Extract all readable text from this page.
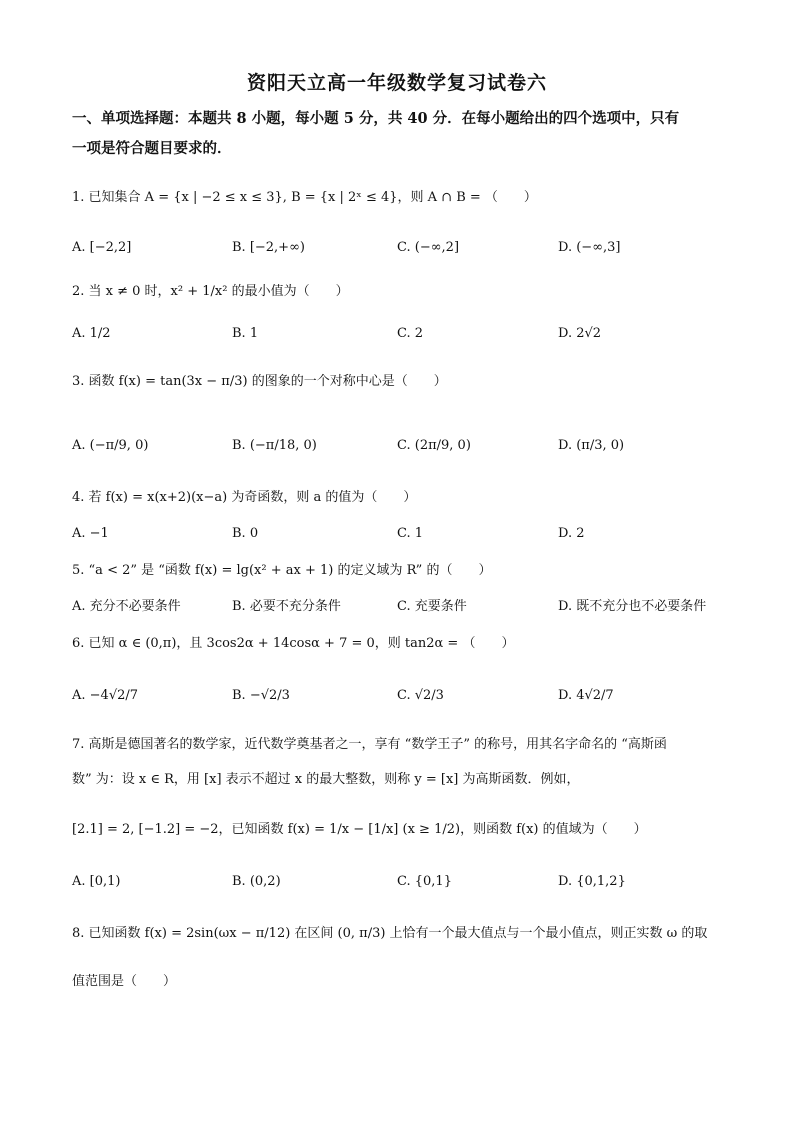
资阳天立高一年级数学复习试卷六
一、单项选择题：本题共 8 小题，每小题 5 分，共 40 分．在每小题给出的四个选项中，只有
一项是符合题目要求的．
1. 已知集合 A = {x | −2 ≤ x ≤ 3}, B = {x | 2ˣ ≤ 4}，则 A ∩ B = （　　）
A. [−2,2]	B. [−2,+∞)	C. (−∞,2]	D. (−∞,3]
2. 当 x ≠ 0 时，x² + 1/x² 的最小值为（　　）
A. 1/2	B. 1	C. 2	D. 2√2
3. 函数 f(x) = tan(3x − π/3) 的图象的一个对称中心是（　　）
A. (−π/9, 0)	B. (−π/18, 0)	C. (2π/9, 0)	D. (π/3, 0)
4. 若 f(x) = x(x+2)(x−a) 为奇函数，则 a 的值为（　　）
A. −1	B. 0	C. 1	D. 2
5. “a < 2” 是 “函数 f(x) = lg(x² + ax + 1) 的定义域为 R” 的（　　）
A. 充分不必要条件	B. 必要不充分条件	C. 充要条件	D. 既不充分也不必要条件
6. 已知 α ∈ (0,π)，且 3cos2α + 14cosα + 7 = 0，则 tan2α = （　　）
A. −4√2/7	B. −√2/3	C. √2/3	D. 4√2/7
7. 高斯是德国著名的数学家，近代数学奠基者之一，享有 “数学王子” 的称号，用其名字命名的 “高斯函
数” 为：设 x ∈ R，用 [x] 表示不超过 x 的最大整数，则称 y = [x] 为高斯函数．例如，
[2.1] = 2, [−1.2] = −2，已知函数 f(x) = 1/x − [1/x] (x ≥ 1/2)，则函数 f(x) 的值域为（　　）
A. [0,1)	B. (0,2)	C. {0,1}	D. {0,1,2}
8. 已知函数 f(x) = 2sin(ωx − π/12) 在区间 (0, π/3) 上恰有一个最大值点与一个最小值点，则正实数 ω 的取
值范围是（　　）
